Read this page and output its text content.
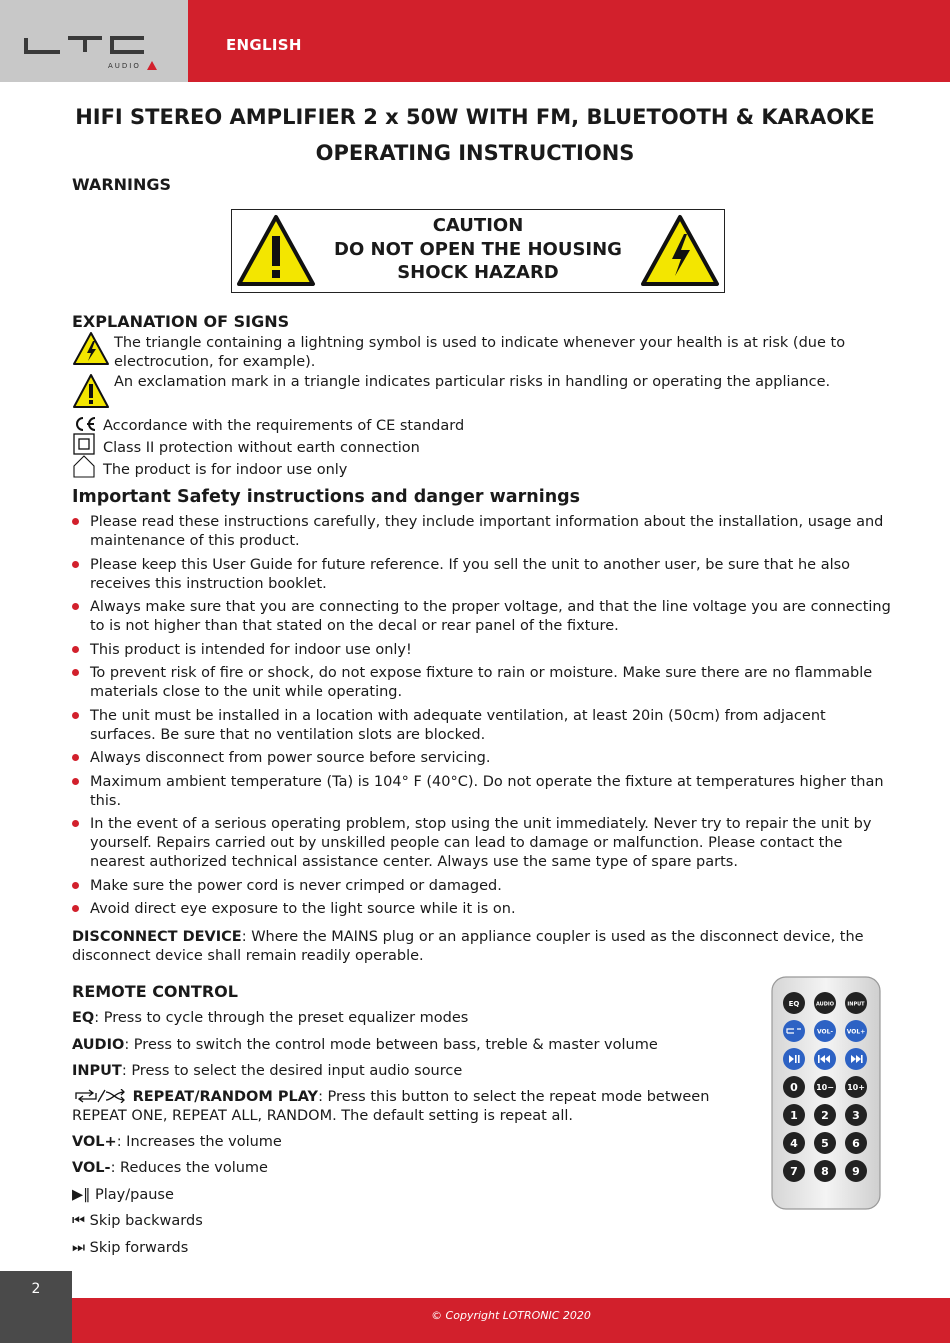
AUDIO
ENGLISH
HIFI STEREO AMPLIFIER 2 x 50W WITH FM, BLUETOOTH & KARAOKE
OPERATING INSTRUCTIONS
WARNINGS
CAUTION
DO NOT OPEN THE HOUSING
SHOCK HAZARD
EXPLANATION OF SIGNS

The triangle containing a lightning symbol is used to indicate whenever your health is at risk (due to electrocution, for example).

An exclamation mark in a triangle indicates particular risks in handling or operating the appliance.

Accordance with the requirements of CE standard

Class II protection without earth connection

The product is for indoor use only

Important Safety instructions and danger warnings
Please read these instructions carefully, they include important information about the installation, usage and maintenance of this product.
Please keep this User Guide for future reference. If you sell the unit to another user, be sure that he also receives this instruction booklet.
Always make sure that you are connecting to the proper voltage, and that the line voltage you are connecting to is not higher than that stated on the decal or rear panel of the fixture.
This product is intended for indoor use only!
To prevent risk of fire or shock, do not expose fixture to rain or moisture. Make sure there are no flammable materials close to the unit while operating.
The unit must be installed in a location with adequate ventilation, at least 20in (50cm) from adjacent surfaces. Be sure that no ventilation slots are blocked.
Always disconnect from power source before servicing.
Maximum ambient temperature (Ta) is 104° F (40°C). Do not operate the fixture at temperatures higher than this.
In the event of a serious operating problem, stop using the unit immediately. Never try to repair the unit by yourself. Repairs carried out by unskilled people can lead to damage or malfunction. Please contact the nearest authorized technical assistance center. Always use the same type of spare parts.
Make sure the power cord is never crimped or damaged.
Avoid direct eye exposure to the light source while it is on.

DISCONNECT DEVICE: Where the MAINS plug or an appliance coupler is used as the disconnect device, the disconnect device shall remain readily operable.

REMOTE CONTROL
EQ: Press to cycle through the preset equalizer modes
AUDIO: Press to switch the control mode between bass, treble & master volume
INPUT: Press to select the desired input audio source
REPEAT/RANDOM PLAY: Press this button to select the repeat mode between REPEAT ONE, REPEAT ALL, RANDOM. The default setting is repeat all.
VOL+: Increases the volume
VOL-: Reduces the volume
▶‖ Play/pause
⏮ Skip backwards
⏭ Skip forwards
EQ	AUDIO	INPUT
VOL- VOL+
0 10− 10+
1 2 3
4 5 6
7 8 9
2
© Copyright LOTRONIC 2020
